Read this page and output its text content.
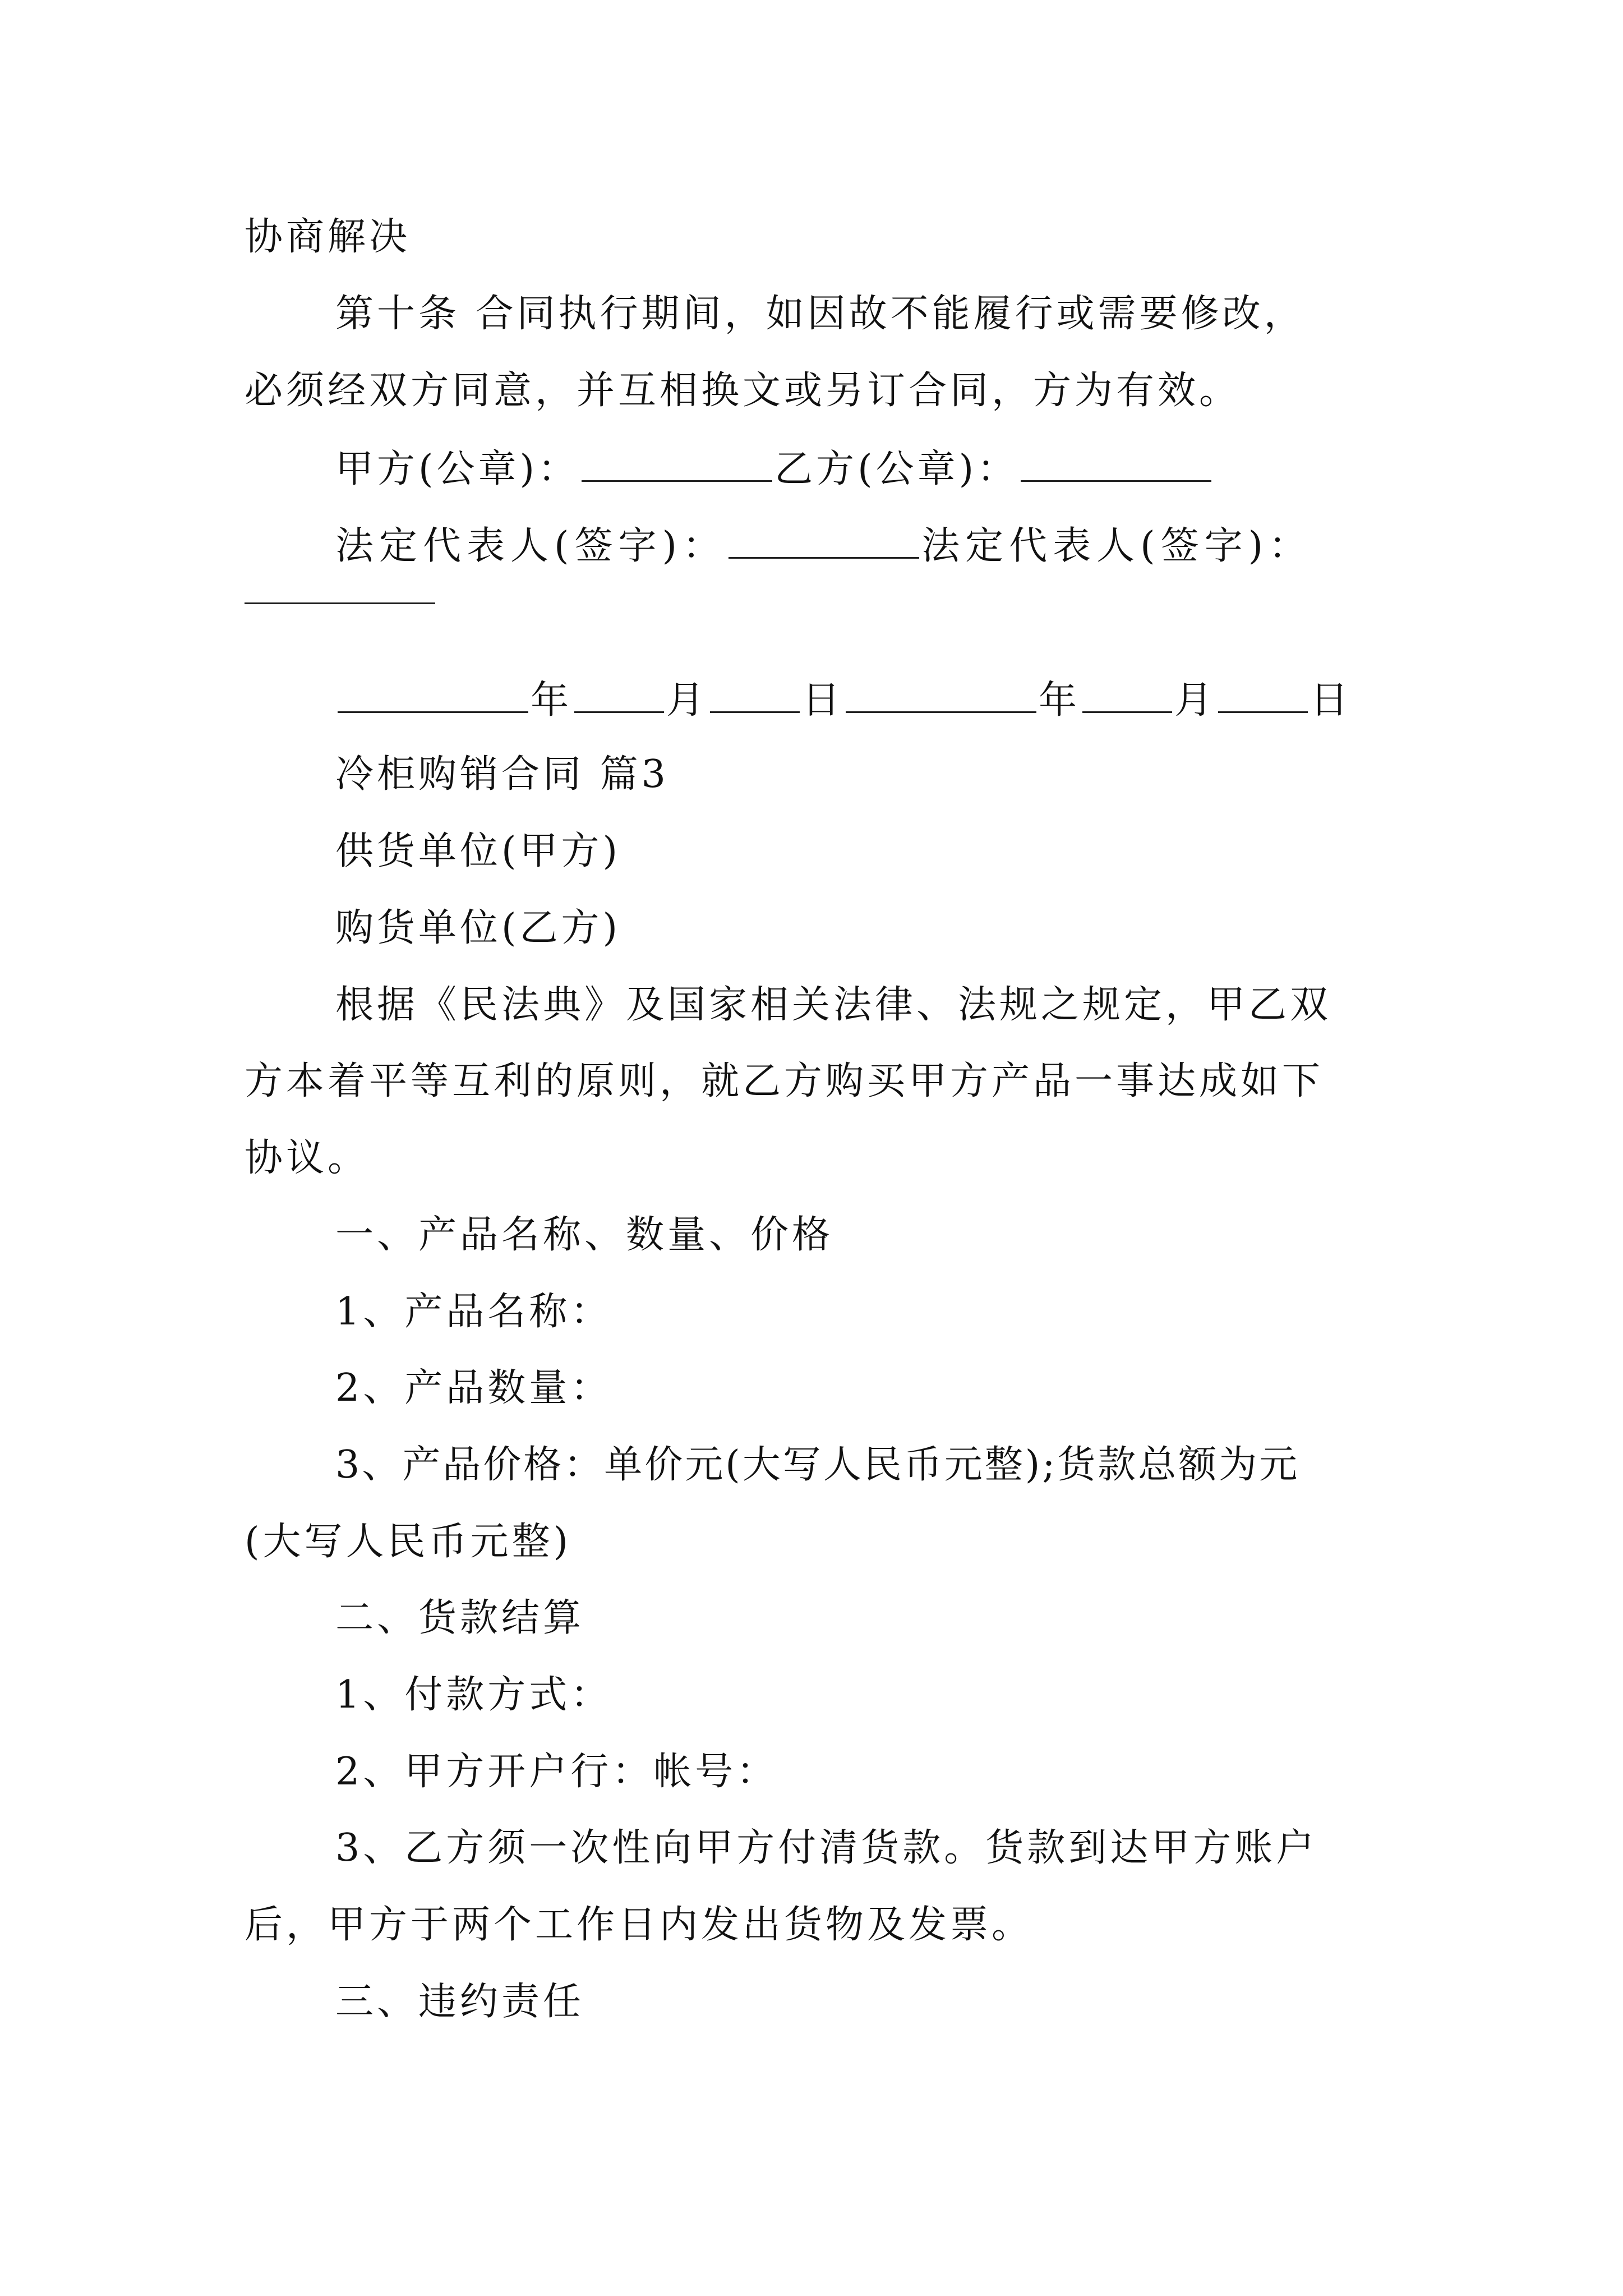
协商解决
第十条 合同执行期间，如因故不能履行或需要修改，
必须经双方同意，并互相换文或另订合同，方为有效。
甲方(公章)：	乙方(公章)：
法定代表人(签字)：	法定代表人(签字)：
年 月 日	年 月 日
冷柜购销合同 篇3
供货单位(甲方)
购货单位(乙方)
根据《民法典》及国家相关法律、法规之规定，甲乙双
方本着平等互利的原则，就乙方购买甲方产品一事达成如下
协议。
一、产品名称、数量、价格
1、产品名称：
2、产品数量：
3、产品价格：单价元(大写人民币元整);货款总额为元
(大写人民币元整)
二、货款结算
1、付款方式：
2、甲方开户行：帐号：
3、乙方须一次性向甲方付清货款。货款到达甲方账户
后，甲方于两个工作日内发出货物及发票。
三、违约责任
